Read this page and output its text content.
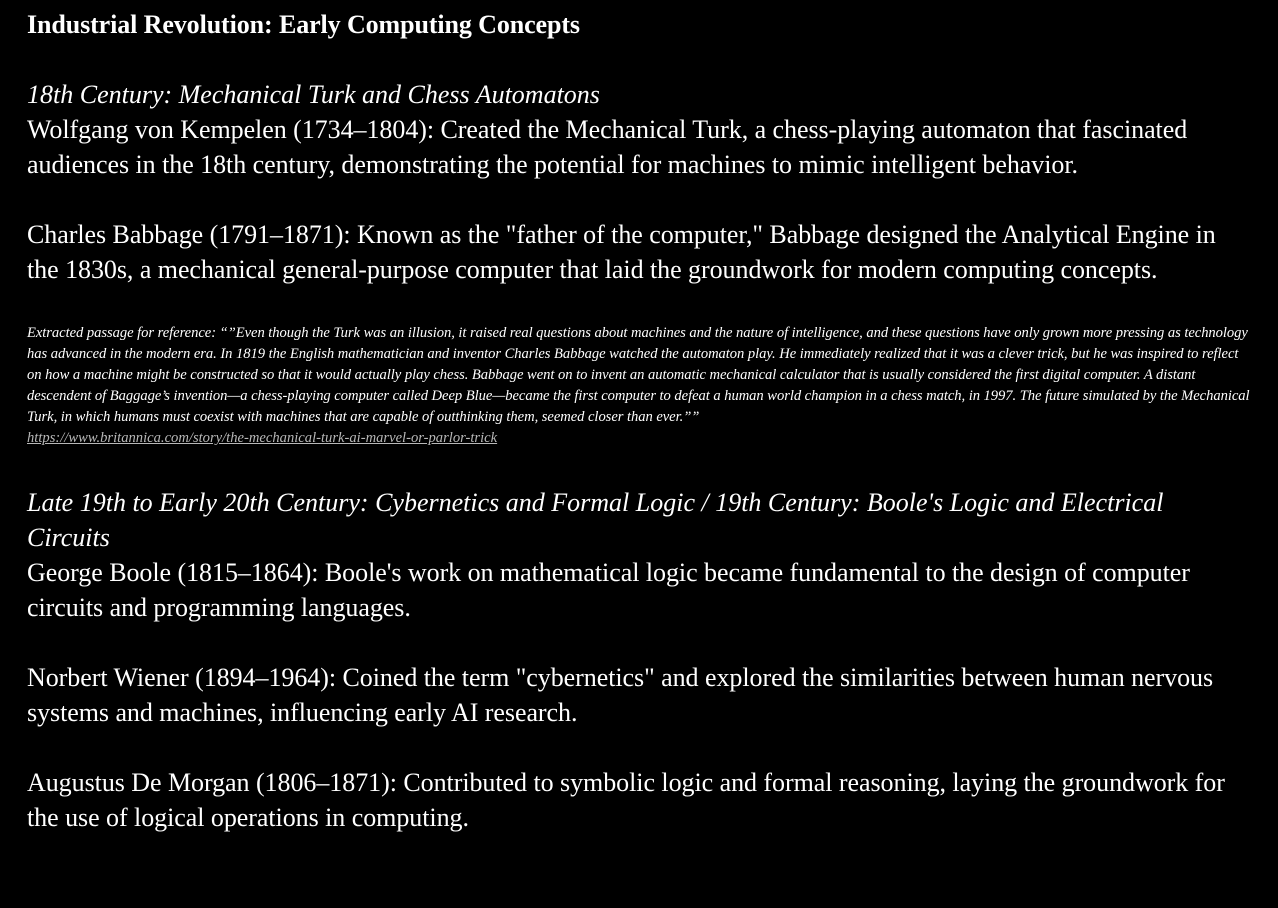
Industrial Revolution: Early Computing Concepts
18th Century: Mechanical Turk and Chess Automatons

Wolfgang von Kempelen (1734–1804): Created the Mechanical Turk, a chess-playing automaton that fascinated audiences in the 18th century, demonstrating the potential for machines to mimic intelligent behavior.

Charles Babbage (1791–1871): Known as the "father of the computer," Babbage designed the Analytical Engine in the 1830s, a mechanical general-purpose computer that laid the groundwork for modern computing concepts.

Extracted passage for reference: “”Even though the Turk was an illusion, it raised real questions about machines and the nature of intelligence, and these questions have only grown more pressing as technology has advanced in the modern era. In 1819 the English mathematician and inventor Charles Babbage watched the automaton play. He immediately realized that it was a clever trick, but he was inspired to reflect on how a machine might be constructed so that it would actually play chess. Babbage went on to invent an automatic mechanical calculator that is usually considered the first digital computer. A distant descendent of Baggage’s invention—a chess-playing computer called Deep Blue—became the first computer to defeat a human world champion in a chess match, in 1997. The future simulated by the Mechanical Turk, in which humans must coexist with machines that are capable of outthinking them, seemed closer than ever.””

https://www.britannica.com/story/the-mechanical-turk-ai-marvel-or-parlor-trick
Late 19th to Early 20th Century: Cybernetics and Formal Logic / 19th Century: Boole's Logic and Electrical Circuits

George Boole (1815–1864): Boole's work on mathematical logic became fundamental to the design of computer circuits and programming languages.

Norbert Wiener (1894–1964): Coined the term "cybernetics" and explored the similarities between human nervous systems and machines, influencing early AI research.

Augustus De Morgan (1806–1871): Contributed to symbolic logic and formal reasoning, laying the groundwork for the use of logical operations in computing.
